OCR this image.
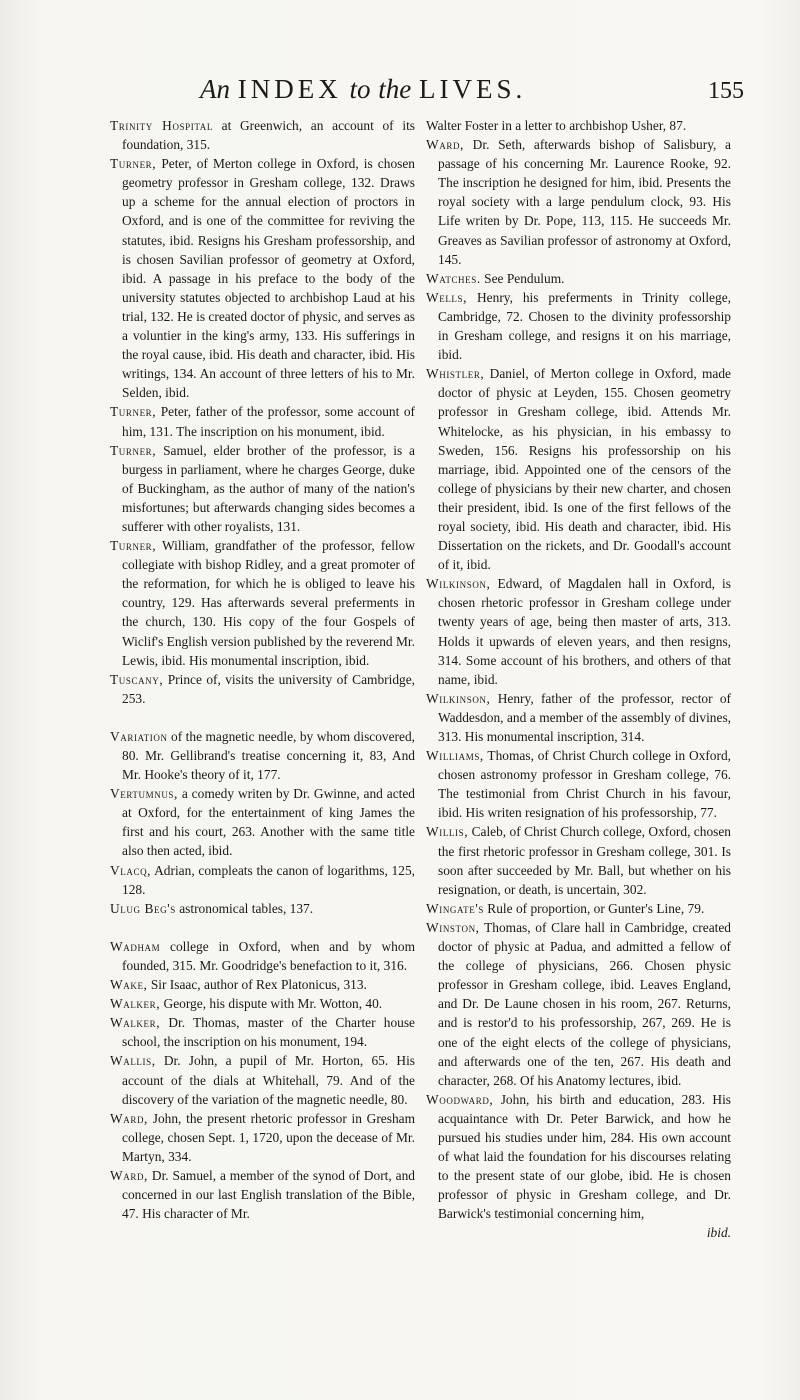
An INDEX to the LIVES.	155

Trinity Hospital at Greenwich, an account of its foundation, 315.

Turner, Peter, of Merton college in Oxford, is chosen geometry professor in Gresham college, 132. Draws up a scheme for the annual election of proctors in Oxford, and is one of the committee for reviving the statutes, ibid. Resigns his Gresham professorship, and is chosen Savilian professor of geometry at Oxford, ibid. A passage in his preface to the body of the university statutes objected to archbishop Laud at his trial, 132. He is created doctor of physic, and serves as a voluntier in the king's army, 133. His sufferings in the royal cause, ibid. His death and character, ibid. His writings, 134. An account of three letters of his to Mr. Selden, ibid.

Turner, Peter, father of the professor, some account of him, 131. The inscription on his monument, ibid.

Turner, Samuel, elder brother of the professor, is a burgess in parliament, where he charges George, duke of Buckingham, as the author of many of the nation's misfortunes; but afterwards changing sides becomes a sufferer with other royalists, 131.

Turner, William, grandfather of the professor, fellow collegiate with bishop Ridley, and a great promoter of the reformation, for which he is obliged to leave his country, 129. Has afterwards several preferments in the church, 130. His copy of the four Gospels of Wiclif's English version published by the reverend Mr. Lewis, ibid. His monumental inscription, ibid.

Tuscany, Prince of, visits the university of Cambridge, 253.

Variation of the magnetic needle, by whom discovered, 80. Mr. Gellibrand's treatise concerning it, 83, And Mr. Hooke's theory of it, 177.

Vertumnus, a comedy writen by Dr. Gwinne, and acted at Oxford, for the entertainment of king James the first and his court, 263. Another with the same title also then acted, ibid.

Vlacq, Adrian, compleats the canon of logarithms, 125, 128.

Ulug Beg's astronomical tables, 137.

Wadham college in Oxford, when and by whom founded, 315. Mr. Goodridge's benefaction to it, 316.

Wake, Sir Isaac, author of Rex Platonicus, 313.

Walker, George, his dispute with Mr. Wotton, 40.

Walker, Dr. Thomas, master of the Charter house school, the inscription on his monument, 194.

Wallis, Dr. John, a pupil of Mr. Horton, 65. His account of the dials at Whitehall, 79. And of the discovery of the variation of the magnetic needle, 80.

Ward, John, the present rhetoric professor in Gresham college, chosen Sept. 1, 1720, upon the decease of Mr. Martyn, 334.

Ward, Dr. Samuel, a member of the synod of Dort, and concerned in our last English translation of the Bible, 47. His character of Mr.

Walter Foster in a letter to archbishop Usher, 87.

Ward, Dr. Seth, afterwards bishop of Salisbury, a passage of his concerning Mr. Laurence Rooke, 92. The inscription he designed for him, ibid. Presents the royal society with a large pendulum clock, 93. His Life writen by Dr. Pope, 113, 115. He succeeds Mr. Greaves as Savilian professor of astronomy at Oxford, 145.

Watches. See Pendulum.

Wells, Henry, his preferments in Trinity college, Cambridge, 72. Chosen to the divinity professorship in Gresham college, and resigns it on his marriage, ibid.

Whistler, Daniel, of Merton college in Oxford, made doctor of physic at Leyden, 155. Chosen geometry professor in Gresham college, ibid. Attends Mr. Whitelocke, as his physician, in his embassy to Sweden, 156. Resigns his professorship on his marriage, ibid. Appointed one of the censors of the college of physicians by their new charter, and chosen their president, ibid. Is one of the first fellows of the royal society, ibid. His death and character, ibid. His Dissertation on the rickets, and Dr. Goodall's account of it, ibid.

Wilkinson, Edward, of Magdalen hall in Oxford, is chosen rhetoric professor in Gresham college under twenty years of age, being then master of arts, 313. Holds it upwards of eleven years, and then resigns, 314. Some account of his brothers, and others of that name, ibid.

Wilkinson, Henry, father of the professor, rector of Waddesdon, and a member of the assembly of divines, 313. His monumental inscription, 314.

Williams, Thomas, of Christ Church college in Oxford, chosen astronomy professor in Gresham college, 76. The testimonial from Christ Church in his favour, ibid. His writen resignation of his professorship, 77.

Willis, Caleb, of Christ Church college, Oxford, chosen the first rhetoric professor in Gresham college, 301. Is soon after succeeded by Mr. Ball, but whether on his resignation, or death, is uncertain, 302.

Wingate's Rule of proportion, or Gunter's Line, 79.

Winston, Thomas, of Clare hall in Cambridge, created doctor of physic at Padua, and admitted a fellow of the college of physicians, 266. Chosen physic professor in Gresham college, ibid. Leaves England, and Dr. De Laune chosen in his room, 267. Returns, and is restor'd to his professorship, 267, 269. He is one of the eight elects of the college of physicians, and afterwards one of the ten, 267. His death and character, 268. Of his Anatomy lectures, ibid.

Woodward, John, his birth and education, 283. His acquaintance with Dr. Peter Barwick, and how he pursued his studies under him, 284. His own account of what laid the foundation for his discourses relating to the present state of our globe, ibid. He is chosen professor of physic in Gresham college, and Dr. Barwick's testimonial concerning him,

ibid.
